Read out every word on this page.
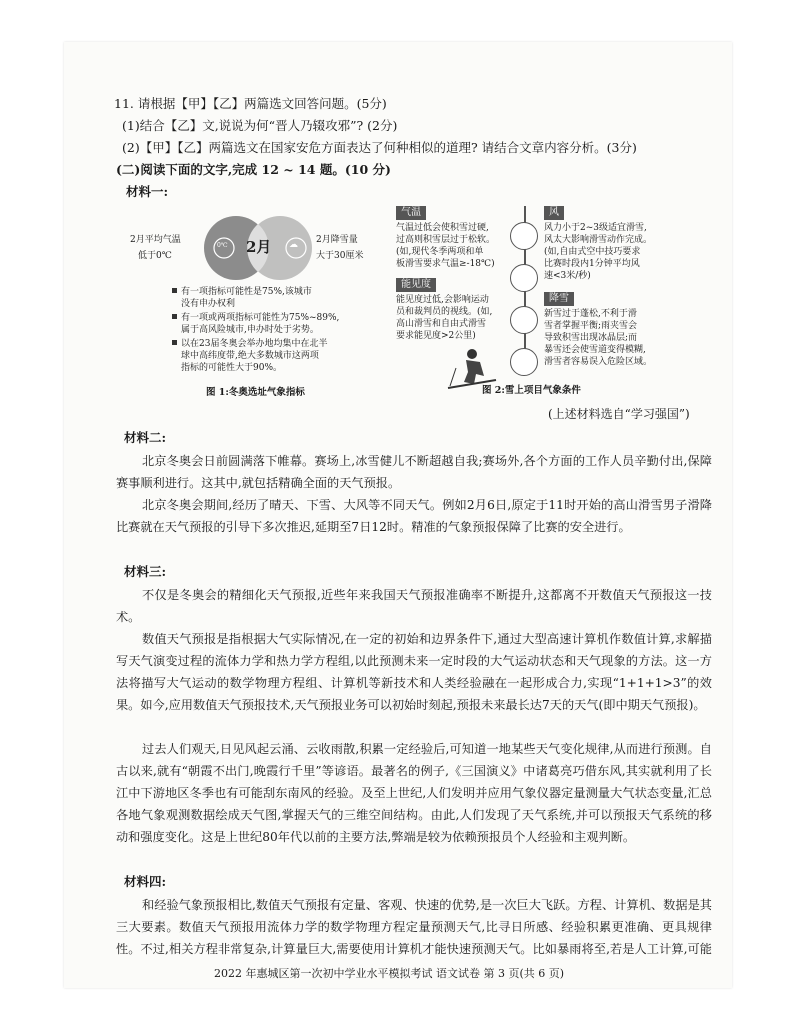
11. 请根据【甲】【乙】两篇选文回答问题。(5分)
(1)结合【乙】文,说说为何“晋人乃辍攻邪”? (2分)
(2)【甲】【乙】两篇选文在国家安危方面表达了何种相似的道理? 请结合文章内容分析。(3分)
(二)阅读下面的文字,完成 12 ~ 14 题。(10 分)
材料一:
2月平均气温
低于0℃
0℃ 2月 ☁ 2月降雪量
大于30厘米
有一项指标可能性是75%,该城市
没有申办权利
有一项或两项指标可能性为75%~89%,
属于高风险城市,申办时处于劣势。
以在23届冬奥会举办地均集中在北半
球中高纬度带,绝大多数城市这两项
指标的可能性大于90%。
图 1:冬奥选址气象指标
气温
气温过低会使积雪过硬,
过高则积雪层过于松软。
(如,现代冬季两项和单
板滑雪要求气温≥-18℃)
能见度
能见度过低,会影响运动
员和裁判员的视线。(如,
高山滑雪和自由式滑雪
要求能见度>2公里)
风
风力小于2~3级适宜滑雪,
风太大影响滑雪动作完成。
(如,自由式空中技巧要求
比赛时段内1分钟平均风
速<3米/秒)
降雪
新雪过于蓬松,不利于滑
雪者掌握平衡;雨夹雪会
导致积雪出现冰晶层;而
暴雪还会使雪道变得模糊,
滑雪者容易误入危险区域。
图 2:雪上项目气象条件
(上述材料选自“学习强国”)
材料二:
北京冬奥会日前圆满落下帷幕。赛场上,冰雪健儿不断超越自我;赛场外,各个方面的工作人员辛勤付出,保障赛事顺利进行。这其中,就包括精确全面的天气预报。
北京冬奥会期间,经历了晴天、下雪、大风等不同天气。例如2月6日,原定于11时开始的高山滑雪男子滑降比赛就在天气预报的引导下多次推迟,延期至7日12时。精准的气象预报保障了比赛的安全进行。
材料三:
不仅是冬奥会的精细化天气预报,近些年来我国天气预报准确率不断提升,这都离不开数值天气预报这一技术。
数值天气预报是指根据大气实际情况,在一定的初始和边界条件下,通过大型高速计算机作数值计算,求解描写天气演变过程的流体力学和热力学方程组,以此预测未来一定时段的大气运动状态和天气现象的方法。这一方法将描写大气运动的数学物理方程组、计算机等新技术和人类经验融在一起形成合力,实现“1+1+1>3”的效果。如今,应用数值天气预报技术,天气预报业务可以初始时刻起,预报未来最长达7天的天气(即中期天气预报)。
过去人们观天,日见风起云涌、云收雨散,积累一定经验后,可知道一地某些天气变化规律,从而进行预测。自古以来,就有“朝霞不出门,晚霞行千里”等谚语。最著名的例子,《三国演义》中诸葛亮巧借东风,其实就利用了长江中下游地区冬季也有可能刮东南风的经验。及至上世纪,人们发明并应用气象仪器定量测量大气状态变量,汇总各地气象观测数据绘成天气图,掌握天气的三维空间结构。由此,人们发现了天气系统,并可以预报天气系统的移动和强度变化。这是上世纪80年代以前的主要方法,弊端是较为依赖预报员个人经验和主观判断。
材料四:
和经验气象预报相比,数值天气预报有定量、客观、快速的优势,是一次巨大飞跃。方程、计算机、数据是其三大要素。数值天气预报用流体力学的数学物理方程定量预测天气,比寻日所感、经验积累更准确、更具规律性。不过,相关方程非常复杂,计算量巨大,需要使用计算机才能快速预测天气。比如暴雨将至,若是人工计算,可能
2022 年惠城区第一次初中学业水平模拟考试 语文试卷 第 3 页(共 6 页)
